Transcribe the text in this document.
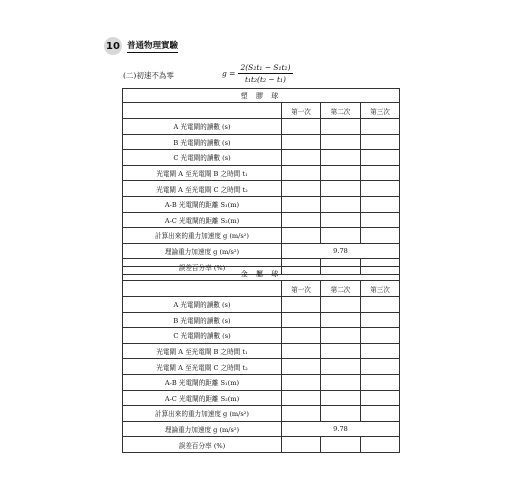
10 普通物理實驗
(二)初速不為零	$g = \frac{\text{2(S₂t₁ − S₁t₂)}}{\text{t₁t₂(t₂ − t₁)}}$
塑 膠 球			
	第一次	第二次	第三次
A 光電閘的讀數 (s)			
B 光電閘的讀數 (s)			
C 光電閘的讀數 (s)			
光電閘 A 至光電閘 B 之時間 t₁			
光電閘 A 至光電閘 C 之時間 t₂			
A-B 光電閘的距離 S₁(m)			
A-C 光電閘的距離 S₂(m)			
計算出來的重力加速度 g (m/s²)			
理論重力加速度 g (m/s²)	9.78		
誤差百分率 (%)			
金 屬 球			
	第一次	第二次	第三次
A 光電閘的讀數 (s)			
B 光電閘的讀數 (s)			
C 光電閘的讀數 (s)			
光電閘 A 至光電閘 B 之時間 t₁			
光電閘 A 至光電閘 C 之時間 t₂			
A-B 光電閘的距離 S₁(m)			
A-C 光電閘的距離 S₂(m)			
計算出來的重力加速度 g (m/s²)			
理論重力加速度 g (m/s²)	9.78		
誤差百分率 (%)			
